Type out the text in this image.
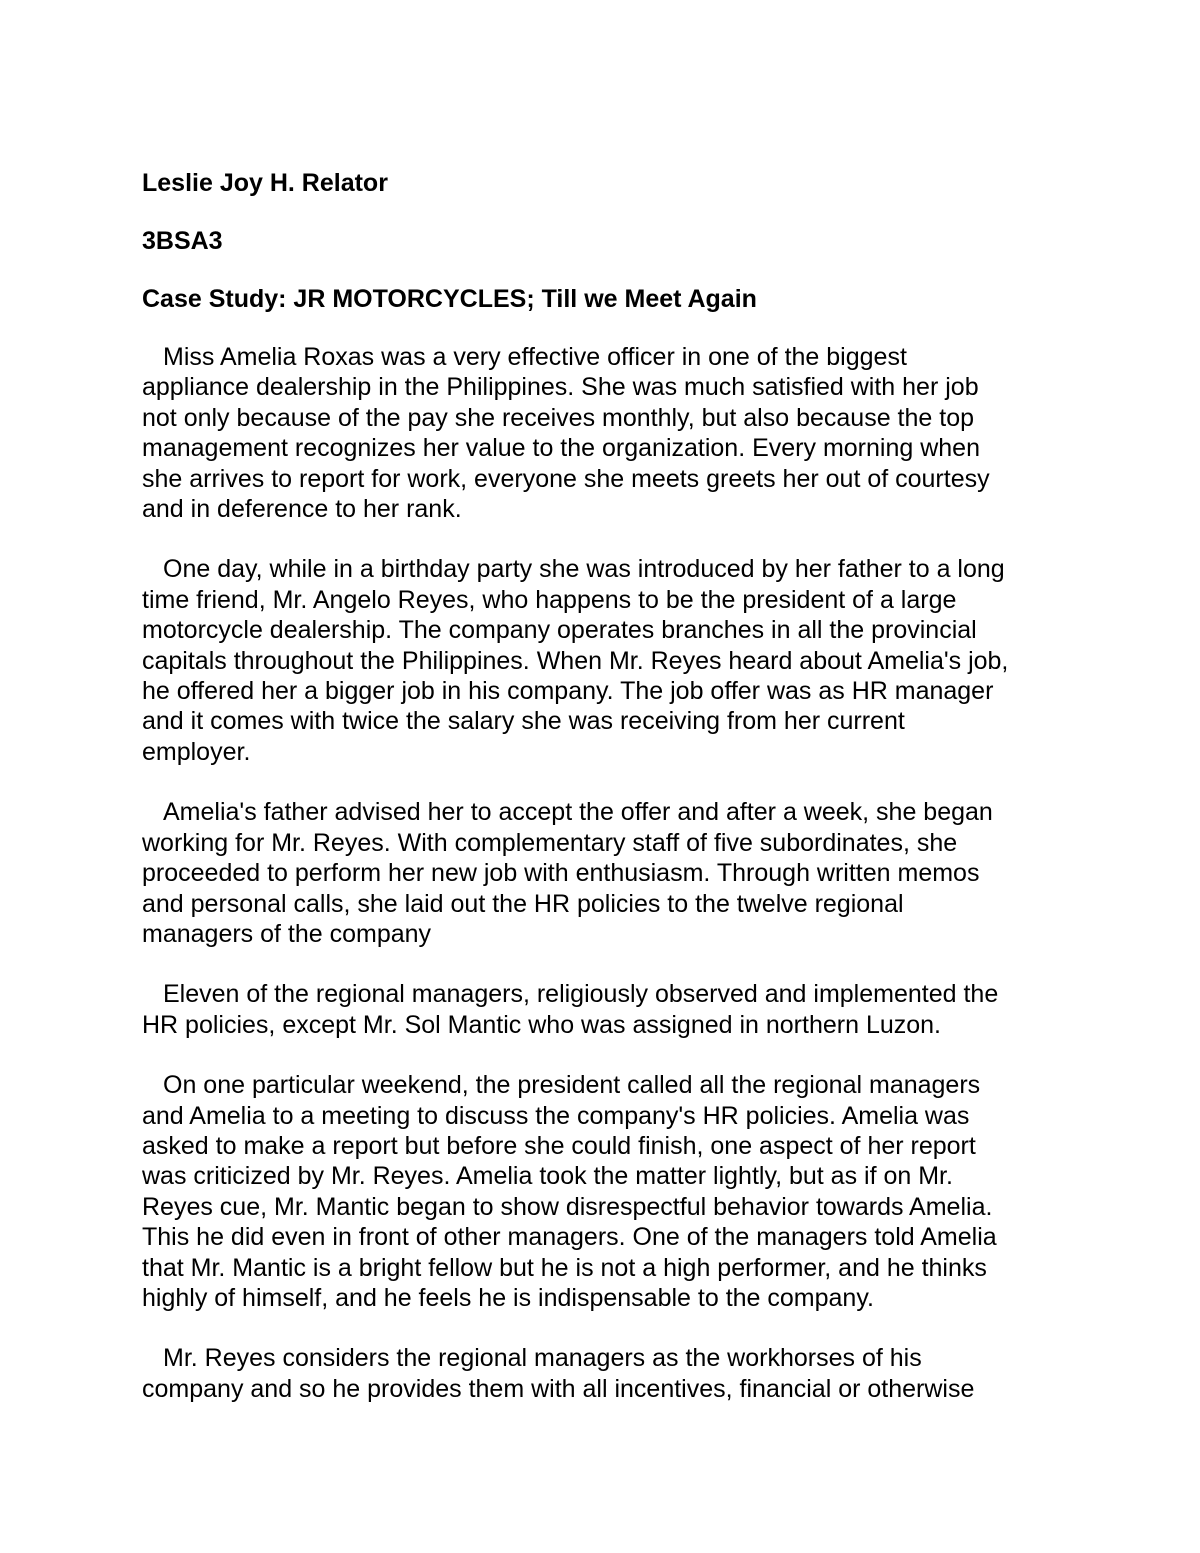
Leslie Joy H. Relator

3BSA3

Case Study: JR MOTORCYCLES; Till we Meet Again

Miss Amelia Roxas was a very effective officer in one of the biggest
appliance dealership in the Philippines. She was much satisfied with her job
not only because of the pay she receives monthly, but also because the top
management recognizes her value to the organization. Every morning when
she arrives to report for work, everyone she meets greets her out of courtesy
and in deference to her rank.

One day, while in a birthday party she was introduced by her father to a long
time friend, Mr. Angelo Reyes, who happens to be the president of a large
motorcycle dealership. The company operates branches in all the provincial
capitals throughout the Philippines. When Mr. Reyes heard about Amelia's job,
he offered her a bigger job in his company. The job offer was as HR manager
and it comes with twice the salary she was receiving from her current
employer.

Amelia's father advised her to accept the offer and after a week, she began
working for Mr. Reyes. With complementary staff of five subordinates, she
proceeded to perform her new job with enthusiasm. Through written memos
and personal calls, she laid out the HR policies to the twelve regional
managers of the company

Eleven of the regional managers, religiously observed and implemented the
HR policies, except Mr. Sol Mantic who was assigned in northern Luzon.

On one particular weekend, the president called all the regional managers
and Amelia to a meeting to discuss the company's HR policies. Amelia was
asked to make a report but before she could finish, one aspect of her report
was criticized by Mr. Reyes. Amelia took the matter lightly, but as if on Mr.
Reyes cue, Mr. Mantic began to show disrespectful behavior towards Amelia.
This he did even in front of other managers. One of the managers told Amelia
that Mr. Mantic is a bright fellow but he is not a high performer, and he thinks
highly of himself, and he feels he is indispensable to the company.

Mr. Reyes considers the regional managers as the workhorses of his
company and so he provides them with all incentives, financial or otherwise
